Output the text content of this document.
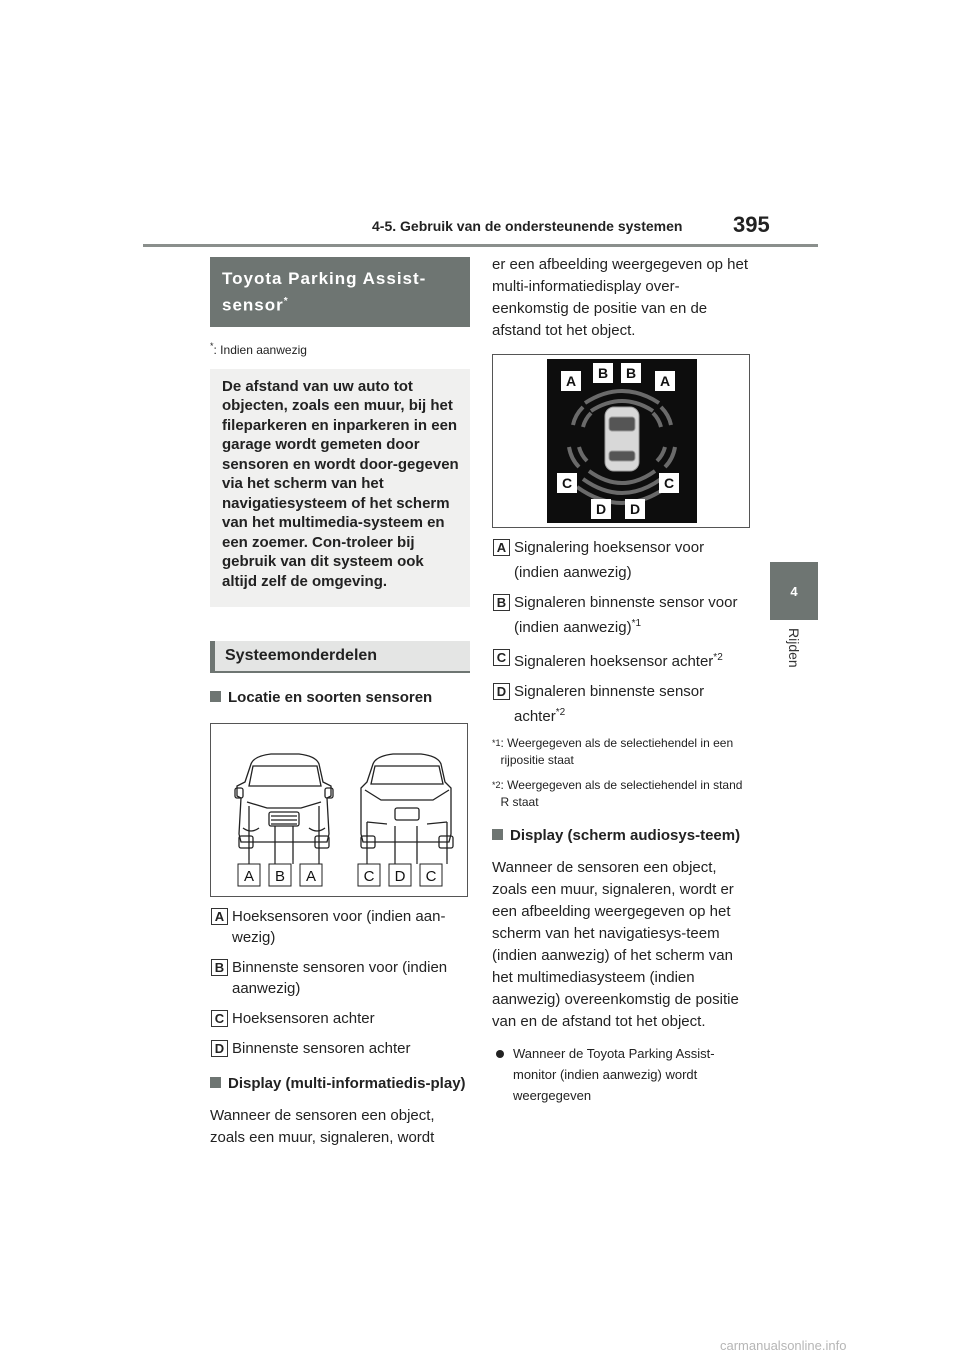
4-5. Gebruik van de ondersteunende systemen 395
4
Rijden
Toyota Parking Assist-sensor*
*: Indien aanwezig
De afstand van uw auto tot objecten, zoals een muur, bij het fileparkeren en inparkeren in een garage wordt gemeten door sensoren en wordt door-gegeven via het scherm van het navigatiesysteem of het scherm van het multimedia-systeem en een zoemer. Con-troleer bij gebruik van dit systeem ook altijd zelf de omgeving.
Systeemonderdelen
Locatie en soorten sensoren
A B A	C D C
A Hoeksensoren voor (indien aan-wezig)
B Binnenste sensoren voor (indien aanwezig)
C Hoeksensoren achter
D Binnenste sensoren achter
Display (multi-informatiedis-play)
Wanneer de sensoren een object, zoals een muur, signaleren, wordt
er een afbeelding weergegeven op het multi-informatiedisplay over-eenkomstig de positie van en de afstand tot het object.
A B B A
C	C
D D
A Signalering hoeksensor voor (indien aanwezig)
B Signaleren binnenste sensor voor (indien aanwezig)$^{*1}$
C Signaleren hoeksensor achter$^{*2}$
D Signaleren binnenste sensor achter$^{*2}$
*1 : Weergegeven als de selectiehendel in een rijpositie staat
*2 : Weergegeven als de selectiehendel in stand R staat
Display (scherm audiosys-teem)
Wanneer de sensoren een object, zoals een muur, signaleren, wordt er een afbeelding weergegeven op het scherm van het navigatiesys-teem (indien aanwezig) of het scherm van het multimediasysteem (indien aanwezig) overeenkomstig de positie van en de afstand tot het object.
Wanneer de Toyota Parking Assist-monitor (indien aanwezig) wordt weergegeven
carmanualsonline.info
